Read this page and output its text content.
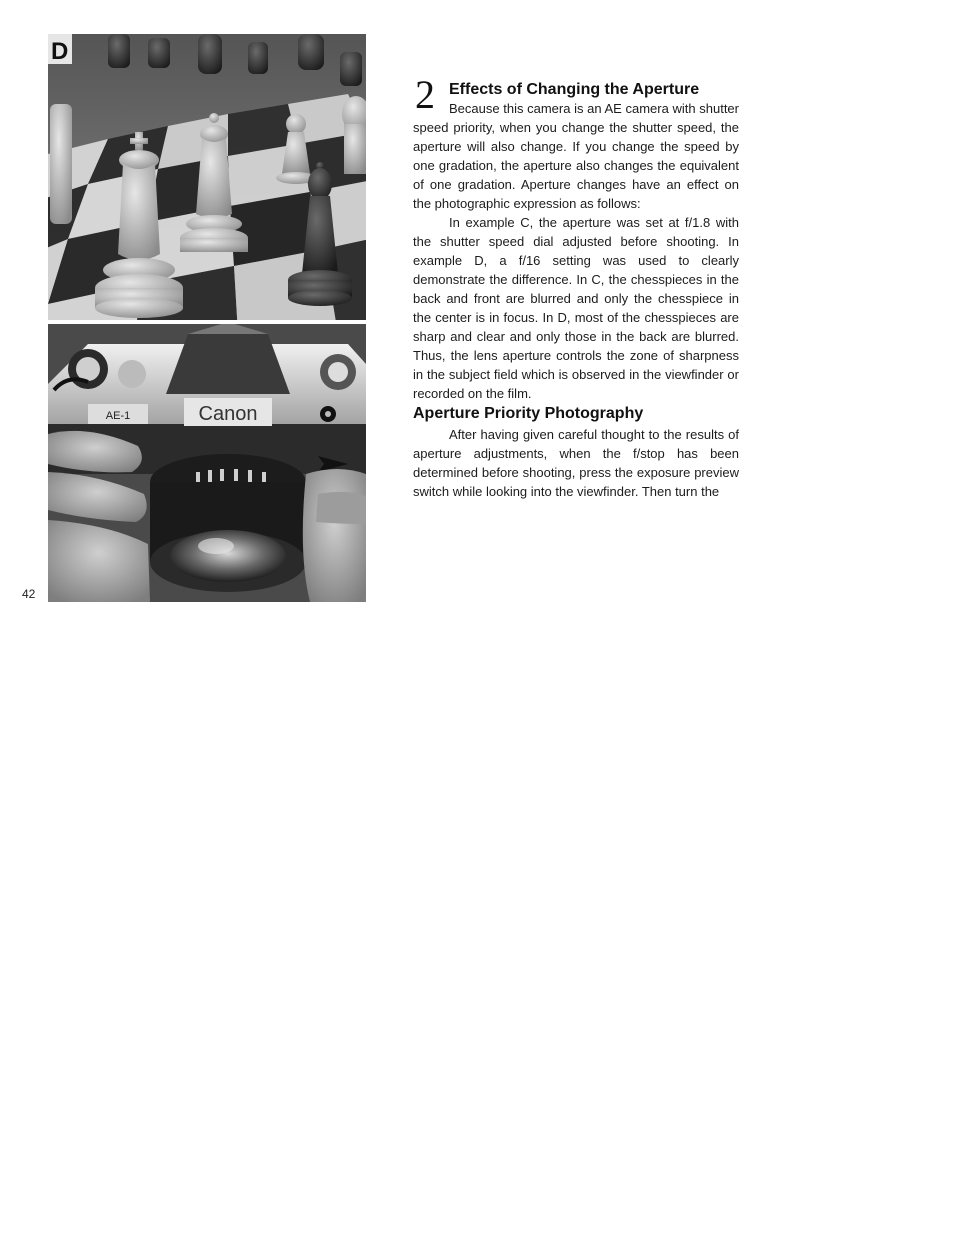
D
AE-1	Canon
42
2 Effects of Changing the Aperture

Because this camera is an AE camera with shutter speed priority, when you change the shutter speed, the aperture will also change. If you change the speed by one gradation, the aperture also changes the equivalent of one gradation. Aperture changes have an effect on the photographic expression as follows:

In example C, the aperture was set at f/1.8 with the shutter speed dial adjusted before shooting. In example D, a f/16 setting was used to clearly demonstrate the difference. In C, the chesspieces in the back and front are blurred and only the chesspiece in the center is in focus. In D, most of the chesspieces are sharp and clear and only those in the back are blurred. Thus, the lens aperture controls the zone of sharpness in the subject field which is observed in the viewfinder or recorded on the film.

Aperture Priority Photography

After having given careful thought to the results of aperture adjustments, when the f/stop has been determined before shooting, press the exposure preview switch while looking into the viewfinder. Then turn the
